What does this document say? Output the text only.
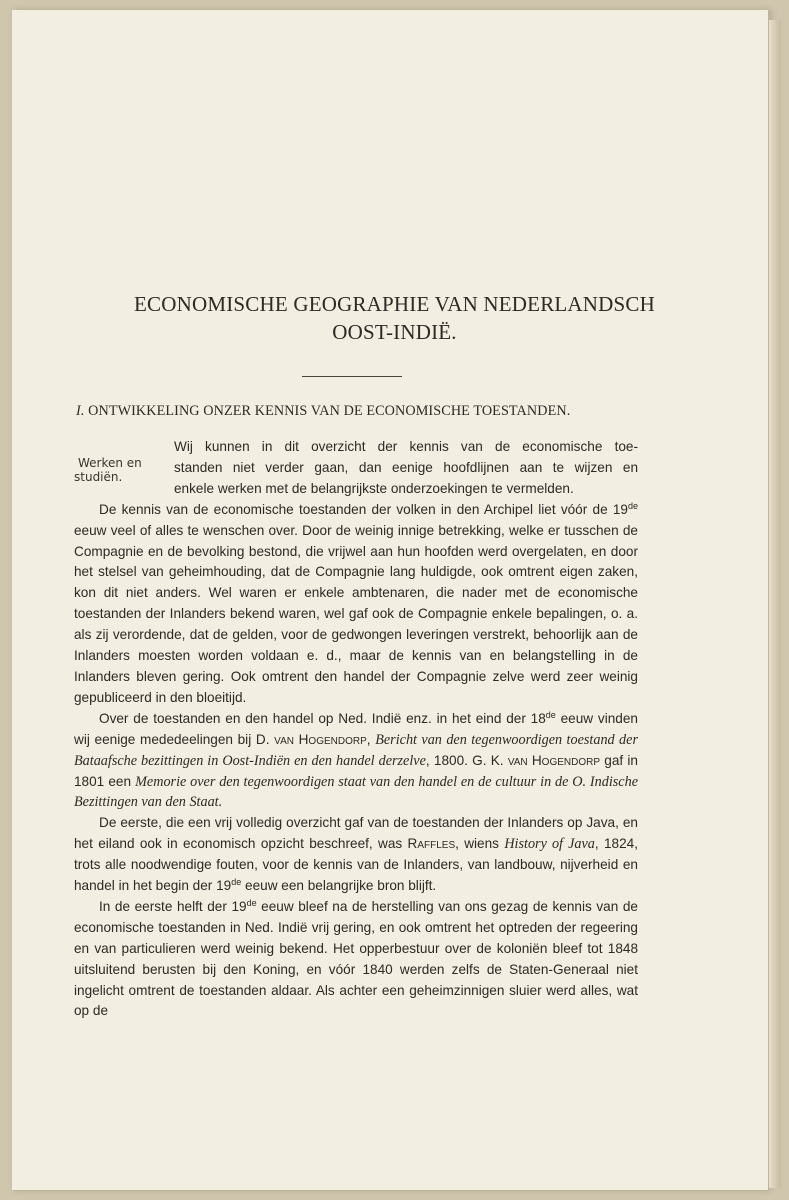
ECONOMISCHE GEOGRAPHIE VAN NEDERLANDSCH
OOST-INDIË.
I. ONTWIKKELING ONZER KENNIS VAN DE ECONOMISCHE TOESTANDEN.
Werken en
studiën.

Wij kunnen in dit overzicht der kennis van de economische toe-

standen niet verder gaan, dan eenige hoofdlijnen aan te wijzen en

enkele werken met de belangrijkste onderzoekingen te vermelden.

De kennis van de economische toestanden der volken in den Archipel liet vóór de 19de eeuw veel of alles te wenschen over. Door de weinig innige betrekking, welke er tusschen de Compagnie en de bevolking bestond, die vrijwel aan hun hoofden werd overgelaten, en door het stelsel van geheimhouding, dat de Compagnie lang huldigde, ook omtrent eigen zaken, kon dit niet anders. Wel waren er enkele ambtenaren, die nader met de economische toestanden der Inlanders bekend waren, wel gaf ook de Compagnie enkele bepalingen, o. a. als zij verordende, dat de gelden, voor de gedwongen leveringen verstrekt, behoorlijk aan de Inlanders moesten worden voldaan e. d., maar de kennis van en belangstelling in de Inlanders bleven gering. Ook omtrent den handel der Compagnie zelve werd zeer weinig gepubliceerd in den bloeitijd.

Over de toestanden en den handel op Ned. Indië enz. in het eind der 18de eeuw vinden wij eenige mededeelingen bij D. van Hogendorp, Bericht van den tegenwoordigen toestand der Bataafsche bezittingen in Oost-Indiën en den handel derzelve, 1800. G. K. van Hogendorp gaf in 1801 een Memorie over den tegenwoordigen staat van den handel en de cultuur in de O. Indische Bezittingen van den Staat.

De eerste, die een vrij volledig overzicht gaf van de toestanden der Inlanders op Java, en het eiland ook in economisch opzicht beschreef, was Raffles, wiens History of Java, 1824, trots alle noodwendige fouten, voor de kennis van de Inlanders, van landbouw, nijverheid en handel in het begin der 19de eeuw een belangrijke bron blijft.

In de eerste helft der 19de eeuw bleef na de herstelling van ons gezag de kennis van de economische toestanden in Ned. Indië vrij gering, en ook omtrent het optreden der regeering en van particulieren werd weinig bekend. Het opperbestuur over de koloniën bleef tot 1848 uitsluitend berusten bij den Koning, en vóór 1840 werden zelfs de Staten-Generaal niet ingelicht omtrent de toestanden aldaar. Als achter een geheimzinnigen sluier werd alles, wat op de
